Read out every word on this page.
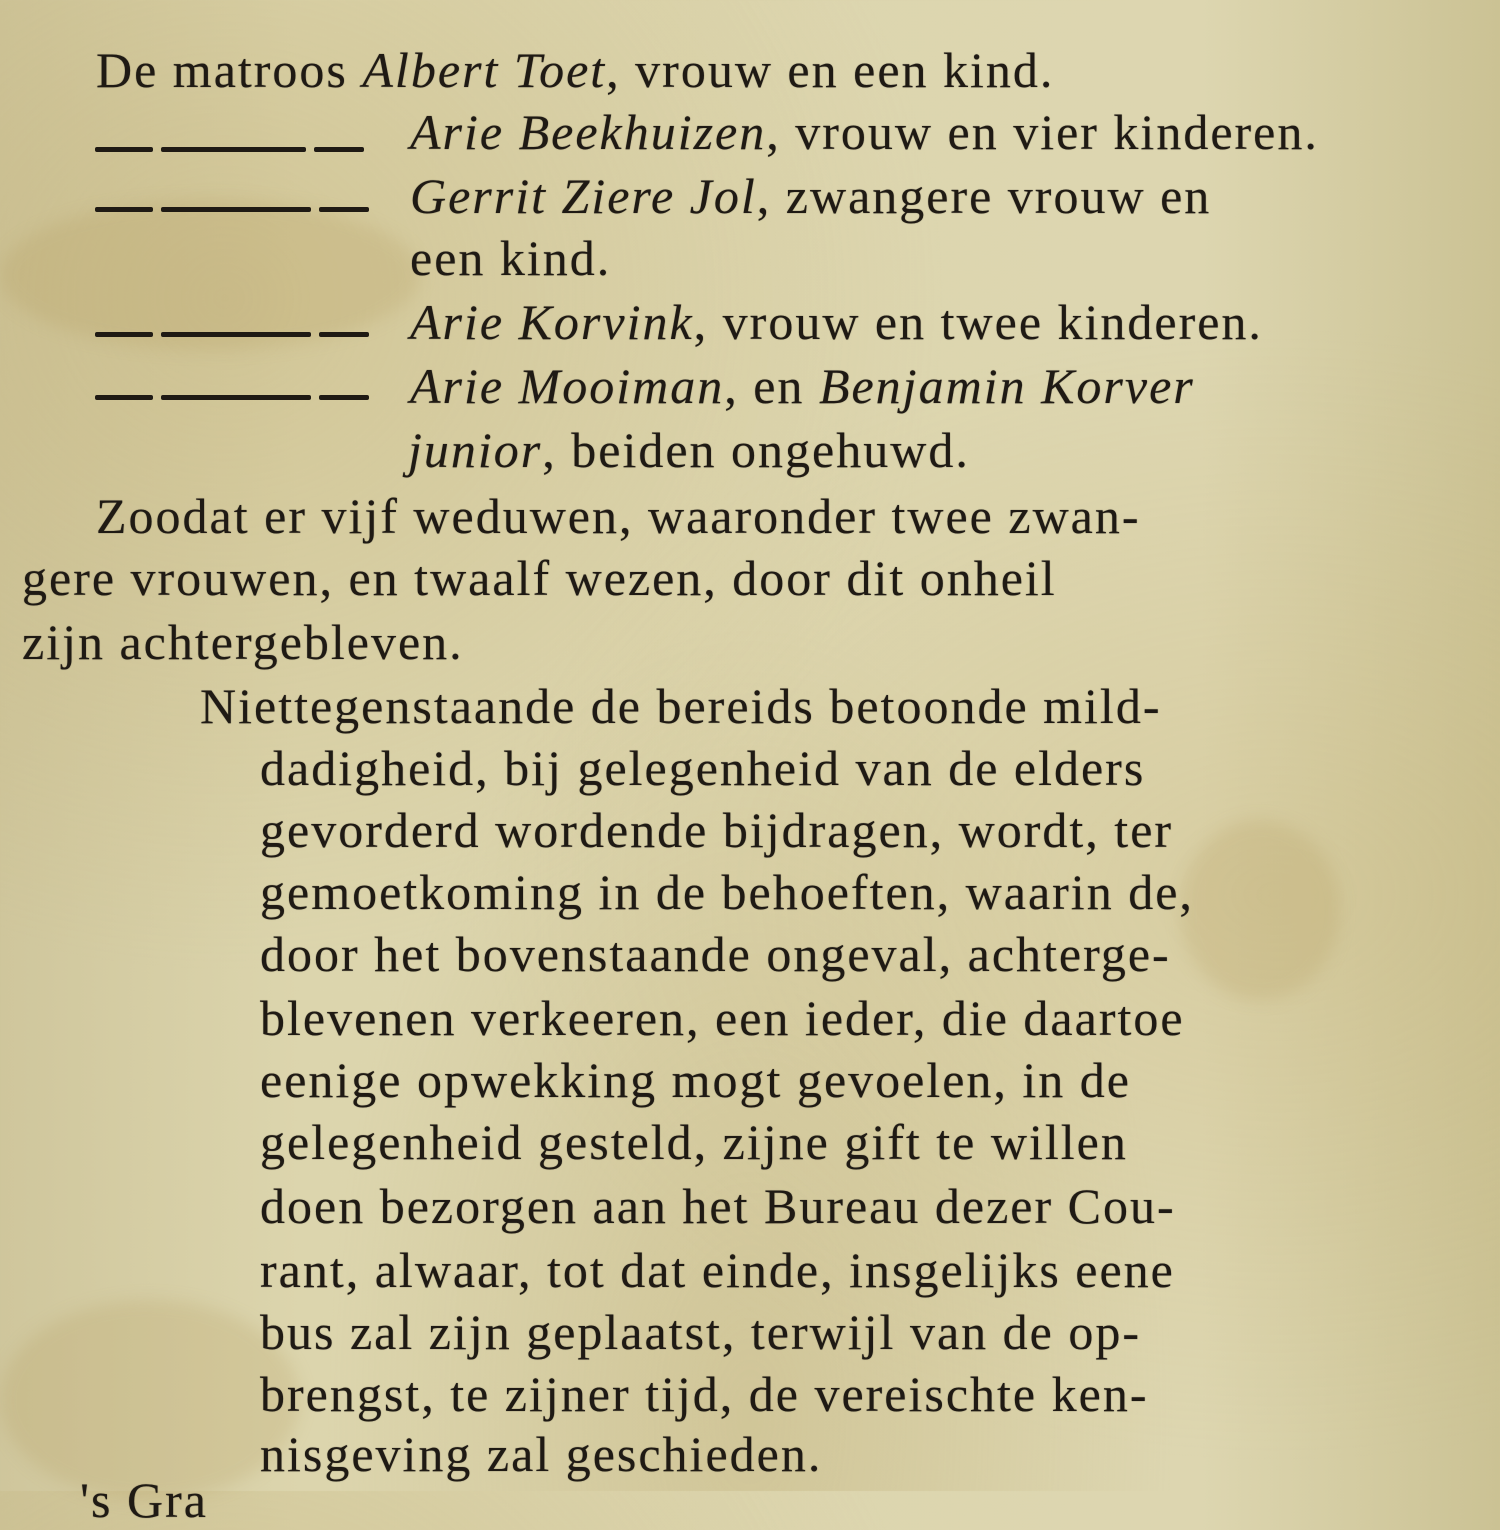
De matroos Albert Toet, vrouw en een kind.
Arie Beekhuizen, vrouw en vier kinderen.
Gerrit Ziere Jol, zwangere vrouw en
een kind.
Arie Korvink, vrouw en twee kinderen.
Arie Mooiman, en Benjamin Korver
junior, beiden ongehuwd.
Zoodat er vijf weduwen, waaronder twee zwan-
gere vrouwen, en twaalf wezen, door dit onheil
zijn achtergebleven.
Niettegenstaande de bereids betoonde mild-
dadigheid, bij gelegenheid van de elders
gevorderd wordende bijdragen, wordt, ter
gemoetkoming in de behoeften, waarin de,
door het bovenstaande ongeval, achterge-
blevenen verkeeren, een ieder, die daartoe
eenige opwekking mogt gevoelen, in de
gelegenheid gesteld, zijne gift te willen
doen bezorgen aan het Bureau dezer Cou-
rant, alwaar, tot dat einde, insgelijks eene
bus zal zijn geplaatst, terwijl van de op-
brengst, te zijner tijd, de vereischte ken-
nisgeving zal geschieden.
's Gra
